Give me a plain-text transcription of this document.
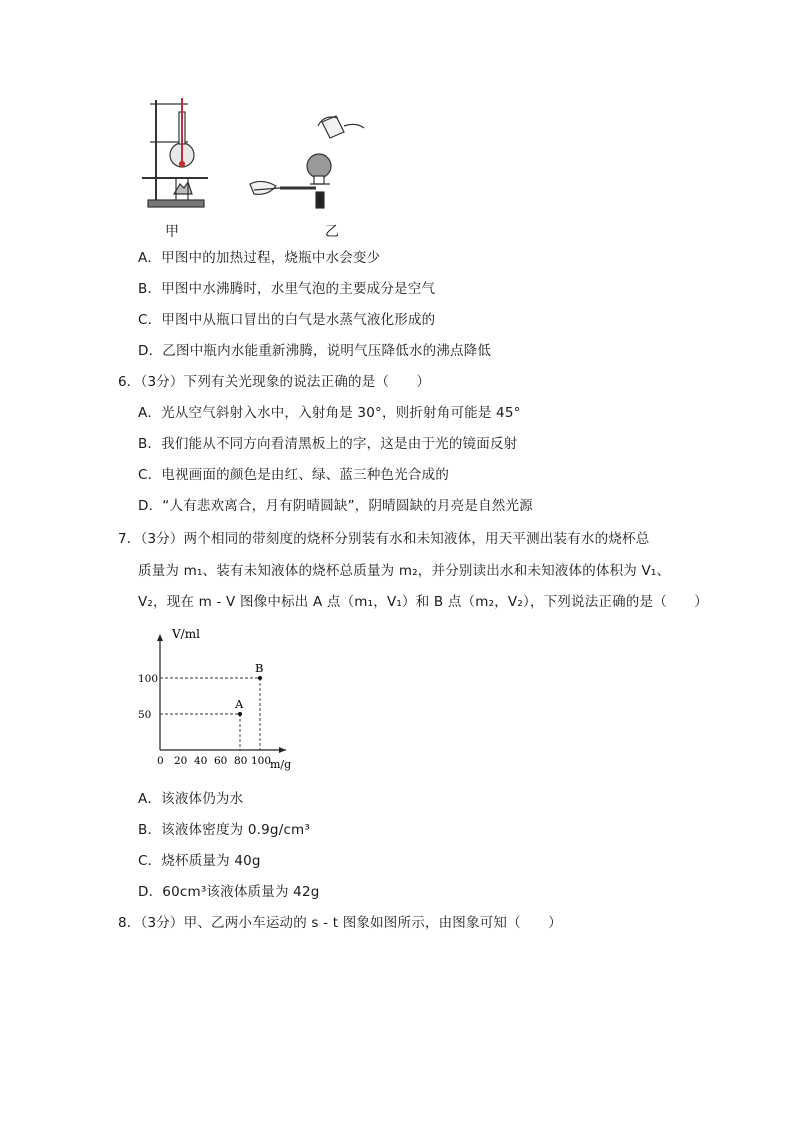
甲	乙
A．甲图中的加热过程，烧瓶中水会变少
B．甲图中水沸腾时，水里气泡的主要成分是空气
C．甲图中从瓶口冒出的白气是水蒸气液化形成的
D．乙图中瓶内水能重新沸腾，说明气压降低水的沸点降低
6．（3分）下列有关光现象的说法正确的是（　　）
A．光从空气斜射入水中，入射角是 30°，则折射角可能是 45°
B．我们能从不同方向看清黑板上的字，这是由于光的镜面反射
C．电视画面的颜色是由红、绿、蓝三种色光合成的
D．“人有悲欢离合，月有阴晴圆缺”，阴晴圆缺的月亮是自然光源
7．（3分）两个相同的带刻度的烧杯分别装有水和未知液体，用天平测出装有水的烧杯总
质量为 m₁、装有未知液体的烧杯总质量为 m₂，并分别读出水和未知液体的体积为 V₁、
V₂，现在 m - V 图像中标出 A 点（m₁，V₁）和 B 点（m₂，V₂），下列说法正确的是（　　）
0 20 40 60 80 100
50
100
A
B
V/ml
m/g
A．该液体仍为水
B．该液体密度为 0.9g/cm³
C．烧杯质量为 40g
D．60cm³该液体质量为 42g
8．（3分）甲、乙两小车运动的 s - t 图象如图所示，由图象可知（　　）
